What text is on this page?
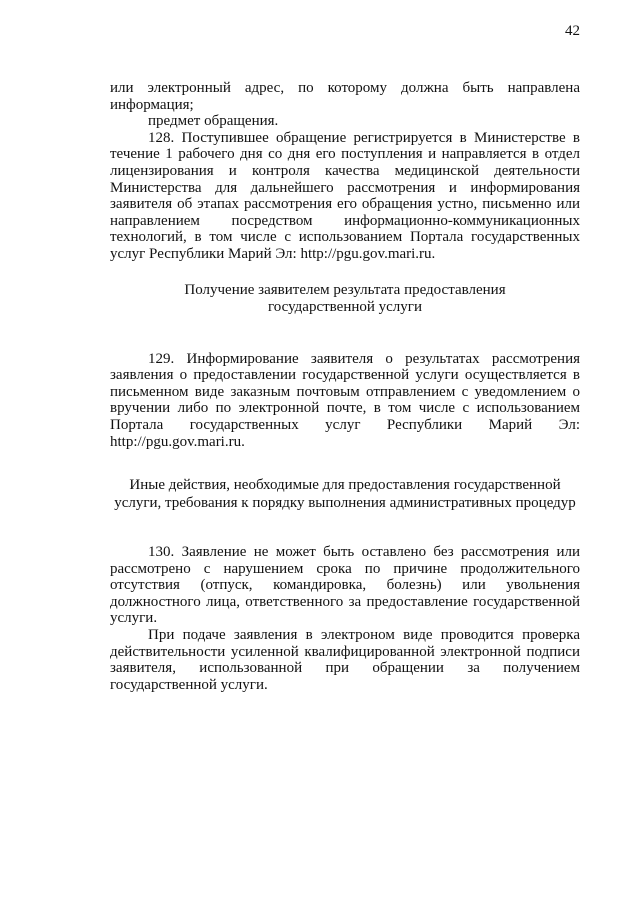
42

или электронный адрес, по которому должна быть направлена информация;

предмет обращения.

128. Поступившее обращение регистрируется в Министерстве в течение 1 рабочего дня со дня его поступления и направляется в отдел лицензирования и контроля качества медицинской деятельности Министерства для дальнейшего рассмотрения и информирования заявителя об этапах рассмотрения его обращения устно, письменно или направлением посредством информационно-коммуникационных технологий, в том числе с использованием Портала государственных услуг Республики Марий Эл: http://pgu.gov.mari.ru.

Получение заявителем результата предоставления
государственной услуги

129. Информирование заявителя о результатах рассмотрения заявления о предоставлении государственной услуги осуществляется в письменном виде заказным почтовым отправлением с уведомлением о вручении либо по электронной почте, в том числе с использованием Портала государственных услуг Республики Марий Эл: http://pgu.gov.mari.ru.

Иные действия, необходимые для предоставления государственной
услуги, требования к порядку выполнения административных процедур

130. Заявление не может быть оставлено без рассмотрения или рассмотрено с нарушением срока по причине продолжительного отсутствия (отпуск, командировка, болезнь) или увольнения должностного лица, ответственного за предоставление государственной услуги.

При подаче заявления в электроном виде проводится проверка действительности усиленной квалифицированной электронной подписи заявителя, использованной при обращении за получением государственной услуги.
